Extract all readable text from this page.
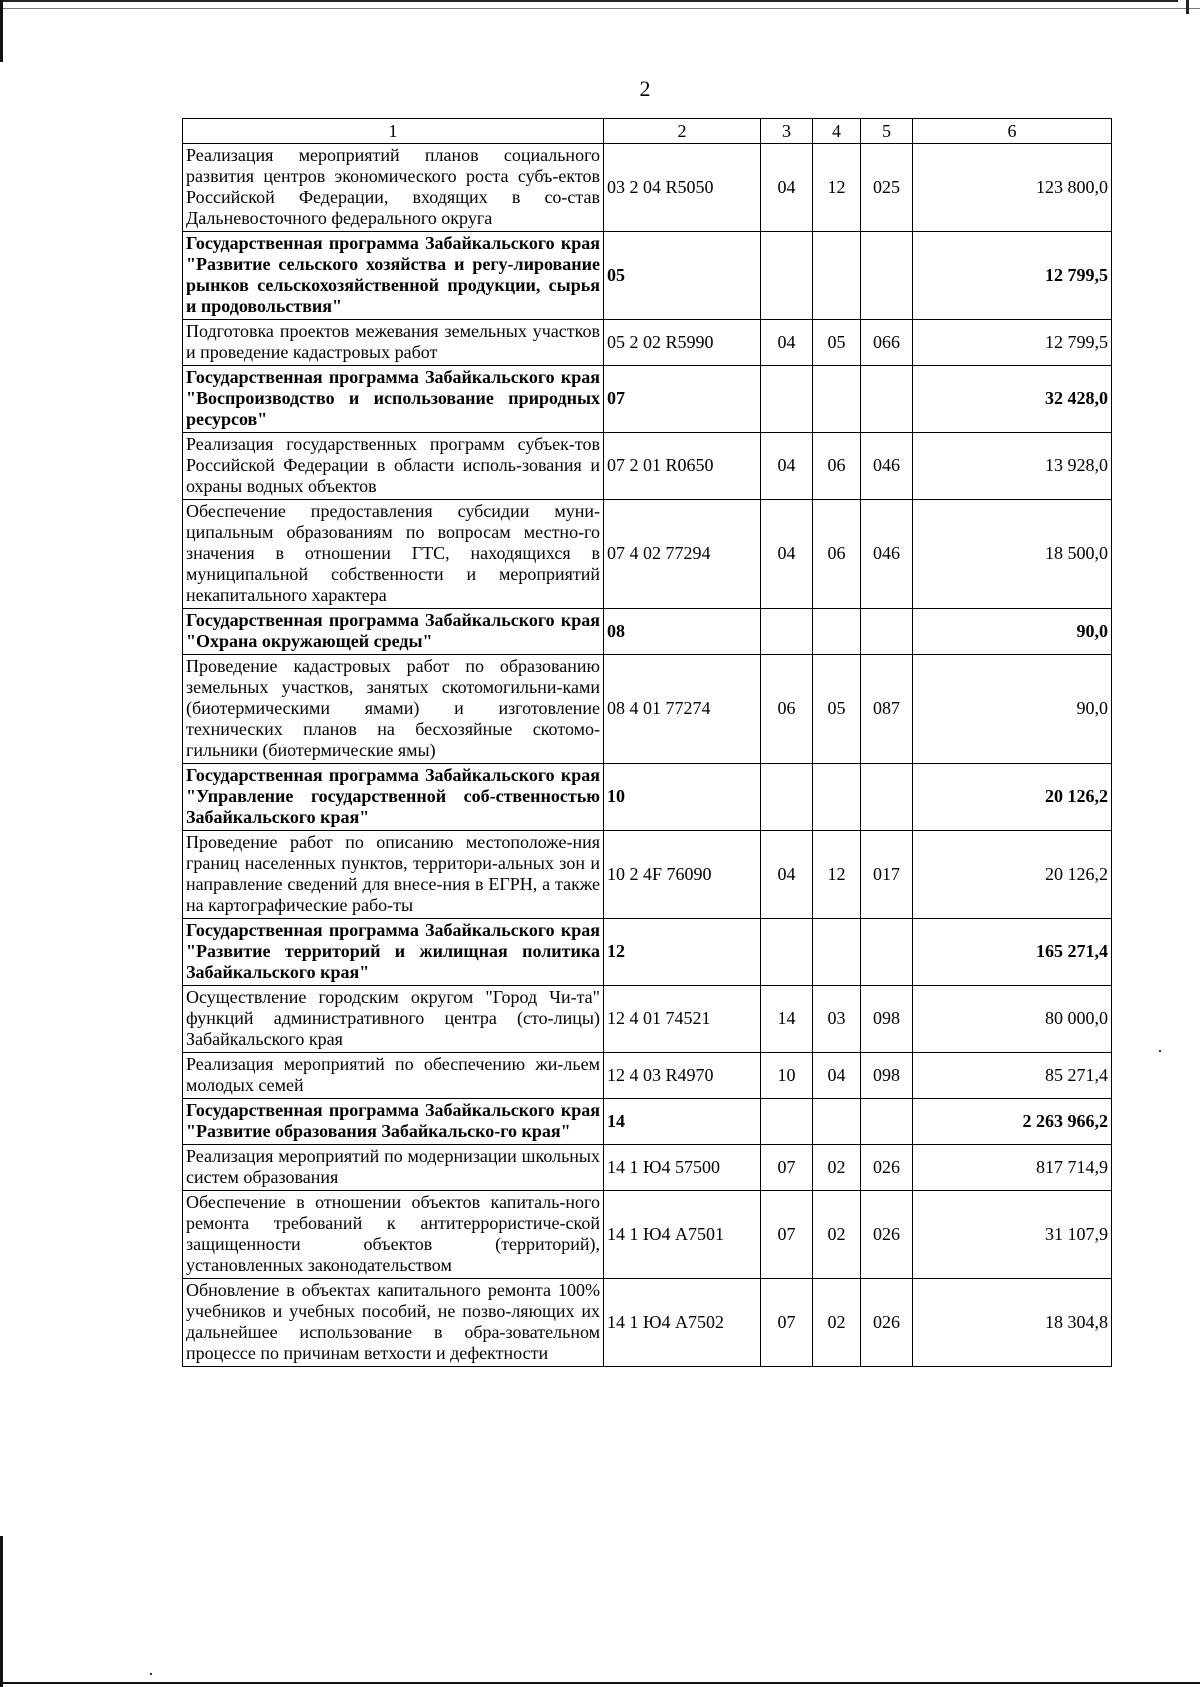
2
1	2	3	4	5	6
Реализация мероприятий планов социального развития центров экономического роста субъ-ектов Российской Федерации, входящих в со-став Дальневосточного федерального округа	03 2 04 R5050	04	12	025	123 800,0
Государственная программа Забайкальского края "Развитие сельского хозяйства и регу-лирование рынков сельскохозяйственной продукции, сырья и продовольствия"	05				12 799,5
Подготовка проектов межевания земельных участков и проведение кадастровых работ	05 2 02 R5990	04	05	066	12 799,5
Государственная программа Забайкальского края "Воспроизводство и использование природных ресурсов"	07				32 428,0
Реализация государственных программ субъек-тов Российской Федерации в области исполь-зования и охраны водных объектов	07 2 01 R0650	04	06	046	13 928,0
Обеспечение предоставления субсидии муни-ципальным образованиям по вопросам местно-го значения в отношении ГТС, находящихся в муниципальной собственности и мероприятий некапитального характера	07 4 02 77294	04	06	046	18 500,0
Государственная программа Забайкальского края "Охрана окружающей среды"	08				90,0
Проведение кадастровых работ по образованию земельных участков, занятых скотомогильни-ками (биотермическими ямами) и изготовление технических планов на бесхозяйные скотомо-гильники (биотермические ямы)	08 4 01 77274	06	05	087	90,0
Государственная программа Забайкальского края "Управление государственной соб-ственностью Забайкальского края"	10				20 126,2
Проведение работ по описанию местоположе-ния границ населенных пунктов, территори-альных зон и направление сведений для внесе-ния в ЕГРН, а также на картографические рабо-ты	10 2 4F 76090	04	12	017	20 126,2
Государственная программа Забайкальского края "Развитие территорий и жилищная политика Забайкальского края"	12				165 271,4
Осуществление городским округом "Город Чи-та" функций административного центра (сто-лицы) Забайкальского края	12 4 01 74521	14	03	098	80 000,0
Реализация мероприятий по обеспечению жи-льем молодых семей	12 4 03 R4970	10	04	098	85 271,4
Государственная программа Забайкальского края "Развитие образования Забайкальско-го края"	14				2 263 966,2
Реализация мероприятий по модернизации школьных систем образования	14 1 Ю4 57500	07	02	026	817 714,9
Обеспечение в отношении объектов капиталь-ного ремонта требований к антитеррористиче-ской защищенности объектов (территорий), установленных законодательством	14 1 Ю4 А7501	07	02	026	31 107,9
Обновление в объектах капитального ремонта 100% учебников и учебных пособий, не позво-ляющих их дальнейшее использование в обра-зовательном процессе по причинам ветхости и дефектности	14 1 Ю4 А7502	07	02	026	18 304,8
